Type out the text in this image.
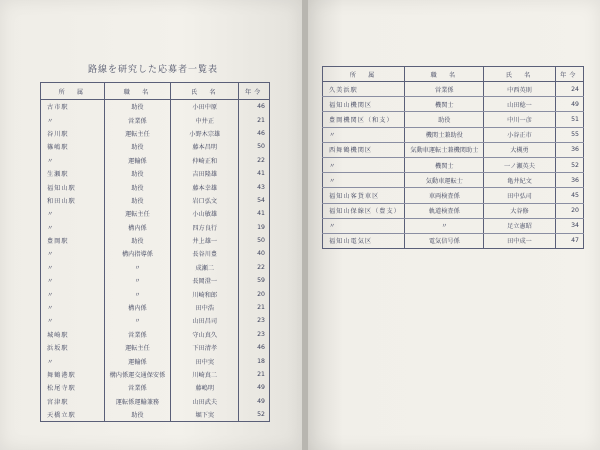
路線を研究した応募者一覧表
所　属	職　名	氏　名	年令
古市駅	助役	小田中原	46
〃	営業係	中井正	21
谷川駅	運転主任	小野木宗雄	46
篠嶋駅	助役	藤本昌明	50
〃	運輸係	仲崎正和	22
生瀬駅	助役	吉田隆雄	41
福知山駅	助役	藤本幸雄	43
和田山駅	助役	岩口弘文	54
〃	運転主任	小山敏雄	41
〃	構内係	四方良行	19
豊岡駅	助役	井上雄一	50
〃	構内指導係	長谷川豊	40
〃	〃	成瀬二	22
〃	〃	長岡澄一	59
〃	〃	川崎和郎	20
〃	構内係	田中浩	21
〃	〃	山田昌司	23
城崎駅	営業係	守山真久	23
浜坂駅	運転主任	下田清孝	46
〃	運輸係	田中実	18
舞鶴港駅	構内係運交通保安係	川崎真二	21
松尾寺駅	営業係	藤嶋明	49
宮津駅	運転係運輸兼務	山田武夫	49
天橋立駅	助役	堀下実	52
所　属	職　名	氏　名	年令
久美浜駅	営業係	中西英則	24
福知山機関区	機関士	山田稔一	49
豊岡機関区（和支）	助役	中川一彦	51
〃	機関士兼助役	小谷正市	55
西舞鶴機関区	気動車運転士兼機関助士	大槻勇	36
〃	機関士	一ノ瀬英夫	52
〃	気動車運転士	亀井紀文	36
福知山客貨車区	車両検査係	田中弘司	45
福知山保線区（豊支）	軌道検査係	大谷修	20
〃	〃	足立憲昭	34
福知山電気区	電気信号係	田中成一	47
